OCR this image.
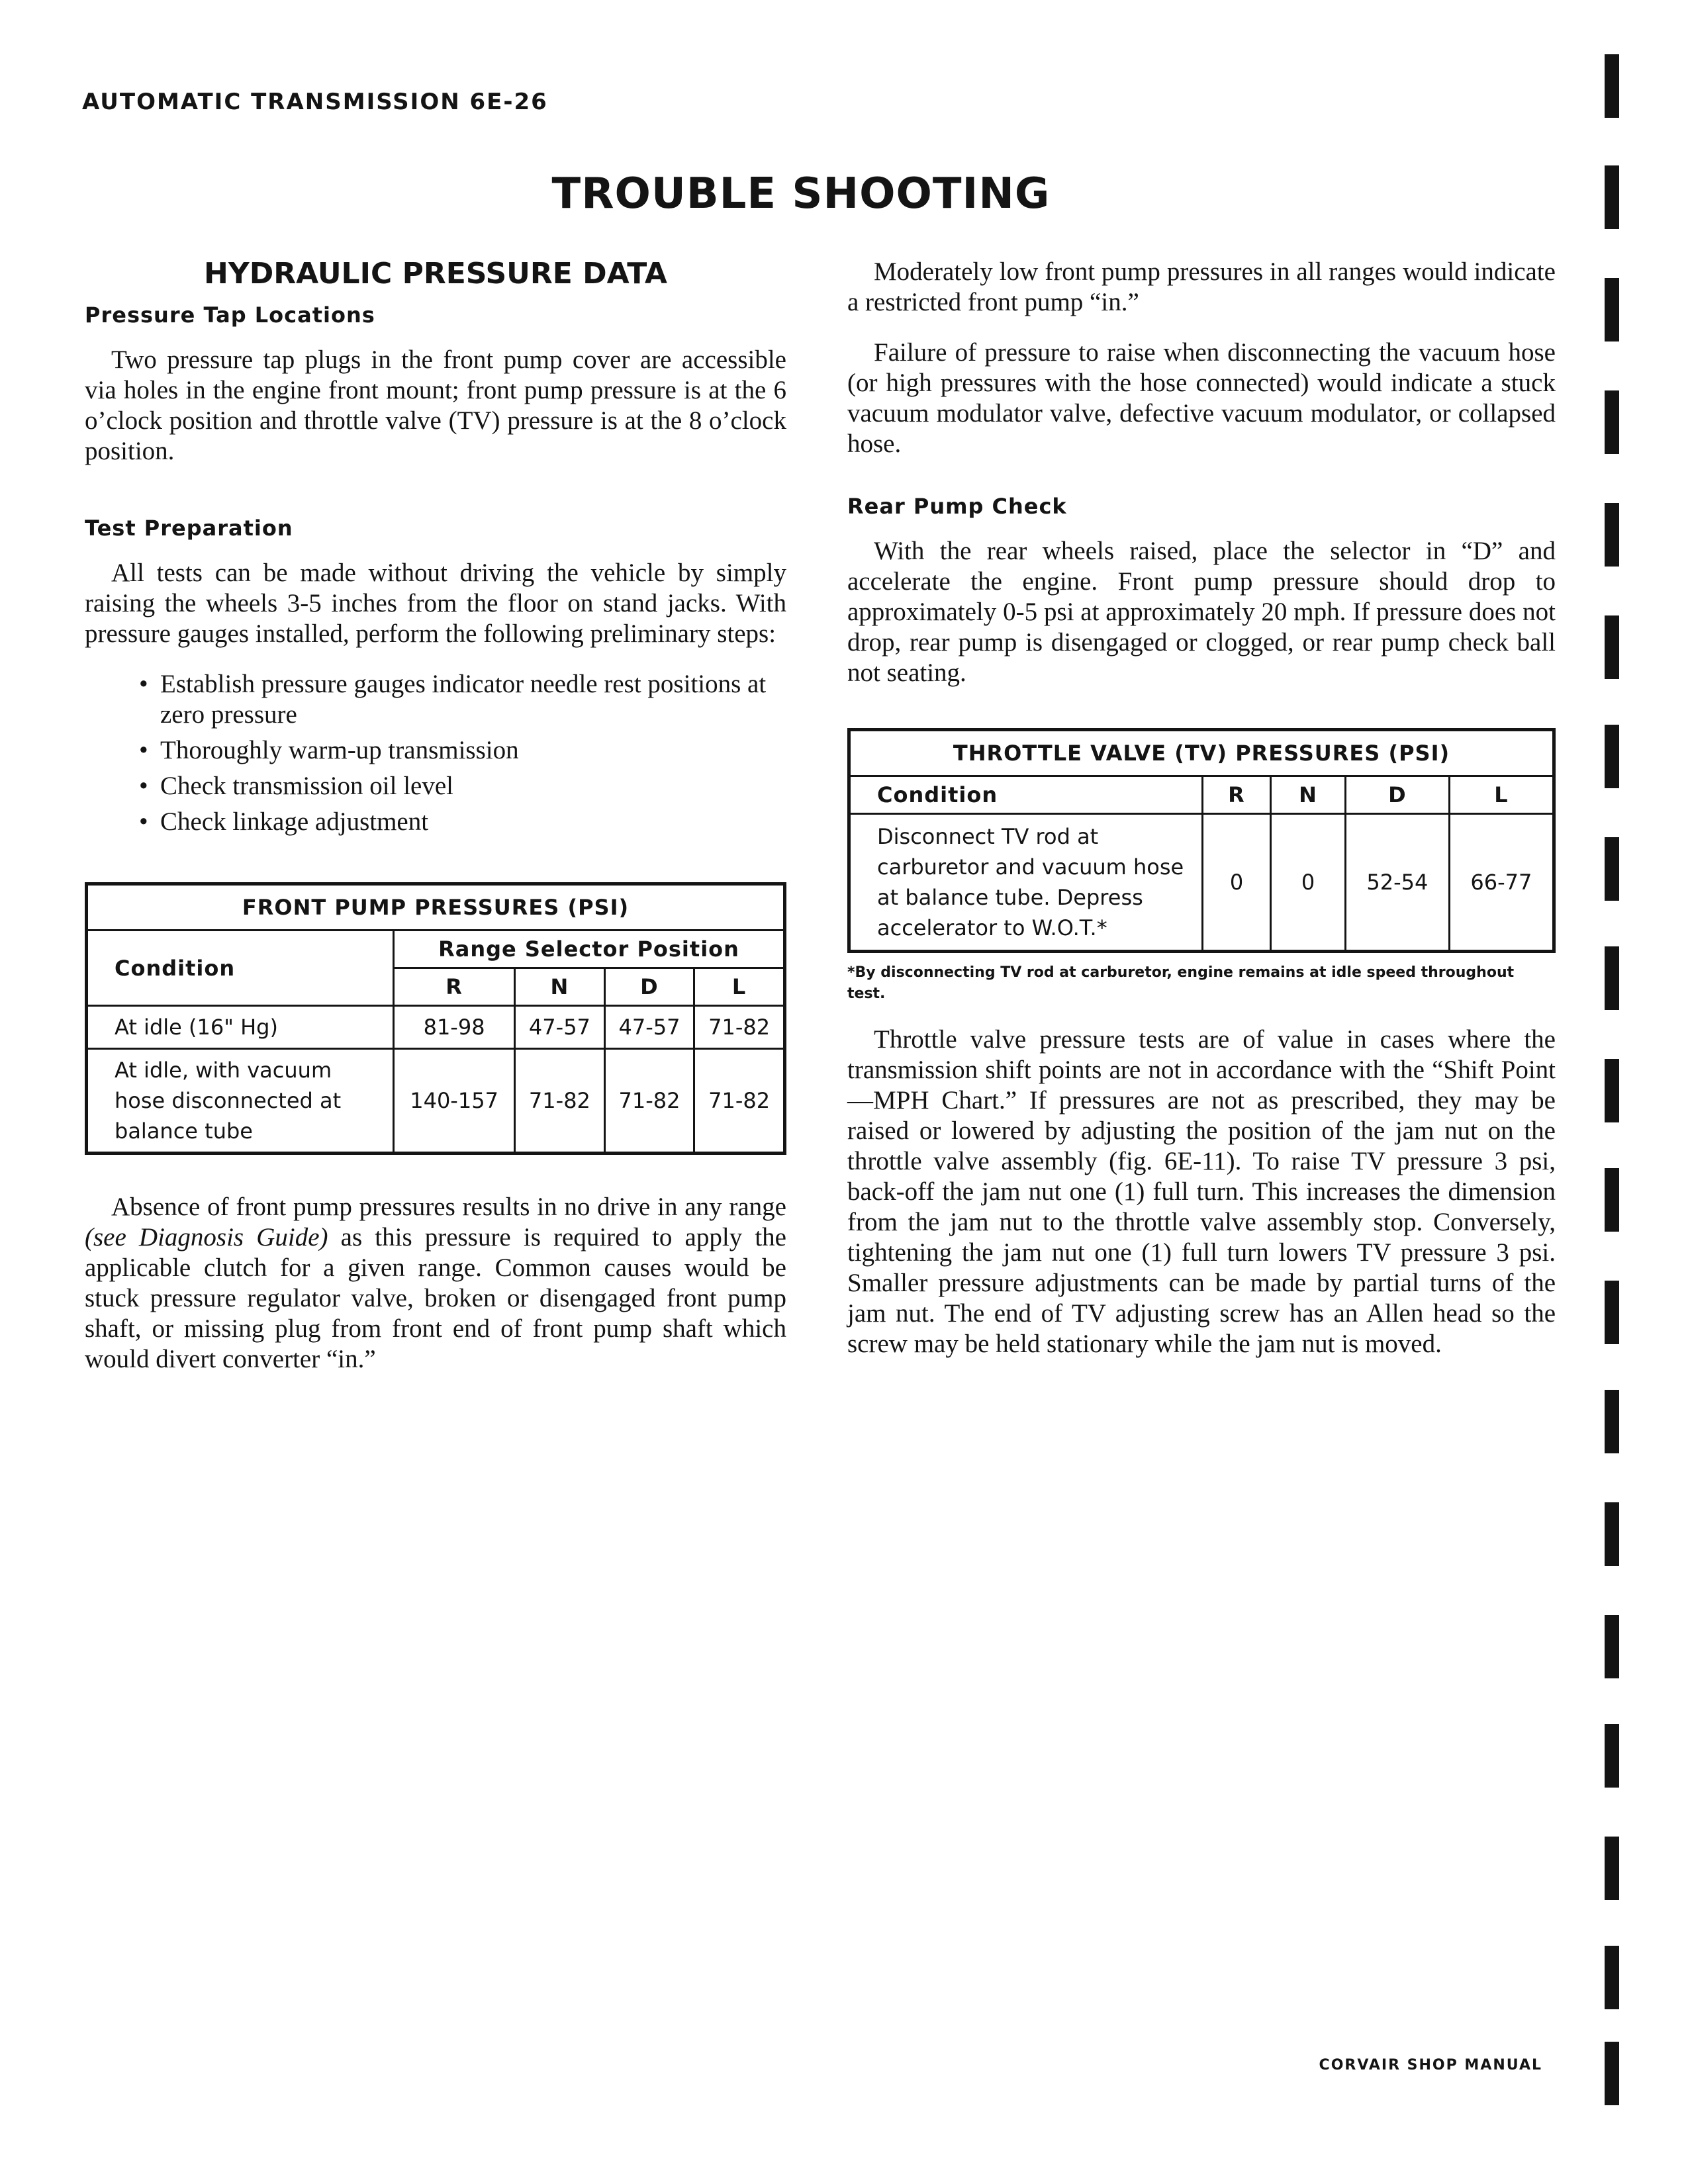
AUTOMATIC TRANSMISSION 6E-26
TROUBLE SHOOTING
HYDRAULIC PRESSURE DATA
Pressure Tap Locations

Two pressure tap plugs in the front pump cover are accessible via holes in the engine front mount; front pump pressure is at the 6 o’clock position and throttle valve (TV) pressure is at the 8 o’clock position.

Test Preparation

All tests can be made without driving the vehicle by simply raising the wheels 3-5 inches from the floor on stand jacks. With pressure gauges installed, perform the following preliminary steps:

• Establish pressure gauges indicator needle rest positions at zero pressure
• Thoroughly warm-up transmission
• Check transmission oil level
• Check linkage adjustment
FRONT PUMP PRESSURES (PSI)				
Condition	Range Selector Position			
	R	N	D	L
At idle (16" Hg)	81-98	47-57	47-57	71-82
At idle, with vacuum hose disconnected at balance tube	140-157	71-82	71-82	71-82

Absence of front pump pressures results in no drive in any range (see Diagnosis Guide) as this pressure is required to apply the applicable clutch for a given range. Common causes would be stuck pressure regulator valve, broken or disengaged front pump shaft, or missing plug from front end of front pump shaft which would divert converter “in.”

Moderately low front pump pressures in all ranges would indicate a restricted front pump “in.”

Failure of pressure to raise when disconnecting the vacuum hose (or high pressures with the hose connected) would indicate a stuck vacuum modulator valve, defective vacuum modulator, or collapsed hose.

Rear Pump Check

With the rear wheels raised, place the selector in “D” and accelerate the engine. Front pump pressure should drop to approximately 0-5 psi at approximately 20 mph. If pressure does not drop, rear pump is disengaged or clogged, or rear pump check ball not seating.

THROTTLE VALVE (TV) PRESSURES (PSI)				
Condition	R	N	D	L
Disconnect TV rod at carburetor and vacuum hose at balance tube. Depress accelerator to W.O.T.*	0	0	52-54	66-77
*By disconnecting TV rod at carburetor, engine remains at idle speed throughout test.

Throttle valve pressure tests are of value in cases where the transmission shift points are not in accordance with the “Shift Point—MPH Chart.” If pressures are not as prescribed, they may be raised or lowered by adjusting the position of the jam nut on the throttle valve assembly (fig. 6E-11). To raise TV pressure 3 psi, back-off the jam nut one (1) full turn. This increases the dimension from the jam nut to the throttle valve assembly stop. Conversely, tightening the jam nut one (1) full turn lowers TV pressure 3 psi. Smaller pressure adjustments can be made by partial turns of the jam nut. The end of TV adjusting screw has an Allen head so the screw may be held stationary while the jam nut is moved.

CORVAIR SHOP MANUAL
